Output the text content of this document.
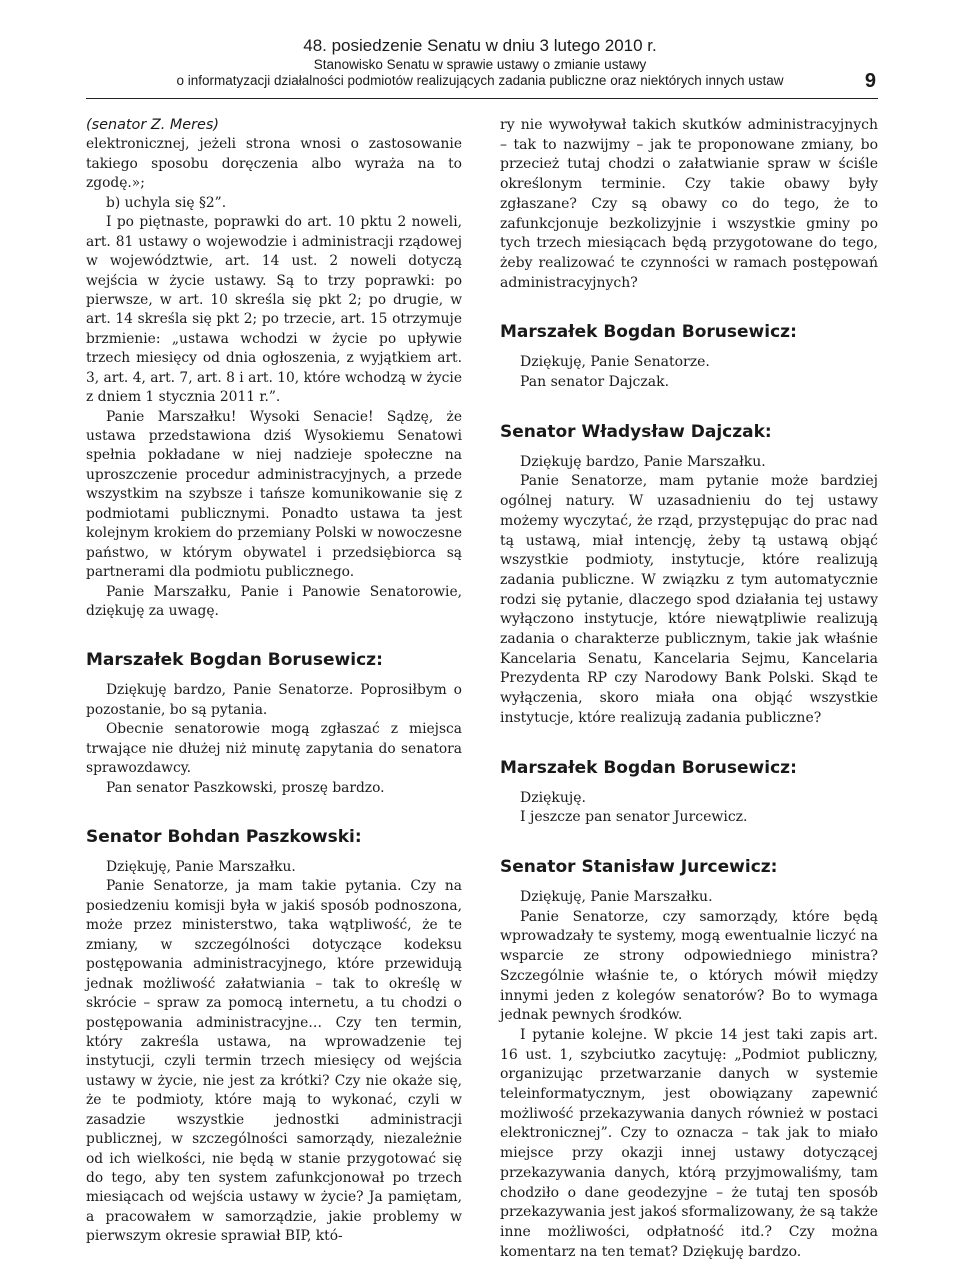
48. posiedzenie Senatu w dniu 3 lutego 2010 r.
Stanowisko Senatu w sprawie ustawy o zmianie ustawy
o informatyzacji działalności podmiotów realizujących zadania publiczne oraz niektórych innych ustaw	9

(senator Z. Meres)

elektronicznej, jeżeli strona wnosi o zastosowanie takiego sposobu doręczenia albo wyraża na to zgodę.»;

b) uchyla się §2”.

I po piętnaste, poprawki do art. 10 pktu 2 noweli, art. 81 ustawy o wojewodzie i administracji rządowej w województwie, art. 14 ust. 2 noweli dotyczą wejścia w życie ustawy. Są to trzy poprawki: po pierwsze, w art. 10 skreśla się pkt 2; po drugie, w art. 14 skreśla się pkt 2; po trzecie, art. 15 otrzymuje brzmienie: „ustawa wchodzi w życie po upływie trzech miesięcy od dnia ogłoszenia, z wyjątkiem art. 3, art. 4, art. 7, art. 8 i art. 10, które wchodzą w życie z dniem 1 stycznia 2011 r.”.

Panie Marszałku! Wysoki Senacie! Sądzę, że ustawa przedstawiona dziś Wysokiemu Senatowi spełnia pokładane w niej nadzieje społeczne na uproszczenie procedur administracyjnych, a przede wszystkim na szybsze i tańsze komunikowanie się z podmiotami publicznymi. Ponadto ustawa ta jest kolejnym krokiem do przemiany Polski w nowoczesne państwo, w którym obywatel i przedsiębiorca są partnerami dla podmiotu publicznego.

Panie Marszałku, Panie i Panowie Senatorowie, dziękuję za uwagę.

Marszałek Bogdan Borusewicz:

Dziękuję bardzo, Panie Senatorze. Poprosiłbym o pozostanie, bo są pytania.

Obecnie senatorowie mogą zgłaszać z miejsca trwające nie dłużej niż minutę zapytania do senatora sprawozdawcy.

Pan senator Paszkowski, proszę bardzo.

Senator Bohdan Paszkowski:

Dziękuję, Panie Marszałku.

Panie Senatorze, ja mam takie pytania. Czy na posiedzeniu komisji była w jakiś sposób podnoszona, może przez ministerstwo, taka wątpliwość, że te zmiany, w szczególności dotyczące kodeksu postępowania administracyjnego, które przewidują jednak możliwość załatwiania – tak to określę w skrócie – spraw za pomocą internetu, a tu chodzi o postępowania administracyjne… Czy ten termin, który zakreśla ustawa, na wprowadzenie tej instytucji, czyli termin trzech miesięcy od wejścia ustawy w życie, nie jest za krótki? Czy nie okaże się, że te podmioty, które mają to wykonać, czyli w zasadzie wszystkie jednostki administracji publicznej, w szczególności samorządy, niezależnie od ich wielkości, nie będą w stanie przygotować się do tego, aby ten system zafunkcjonował po trzech miesiącach od wejścia ustawy w życie? Ja pamiętam, a pracowałem w samorządzie, jakie problemy w pierwszym okresie sprawiał BIP, któ-

ry nie wywoływał takich skutków administracyjnych – tak to nazwijmy – jak te proponowane zmiany, bo przecież tutaj chodzi o załatwianie spraw w ściśle określonym terminie. Czy takie obawy były zgłaszane? Czy są obawy co do tego, że to zafunkcjonuje bezkolizyjnie i wszystkie gminy po tych trzech miesiącach będą przygotowane do tego, żeby realizować te czynności w ramach postępowań administracyjnych?

Marszałek Bogdan Borusewicz:

Dziękuję, Panie Senatorze.

Pan senator Dajczak.

Senator Władysław Dajczak:

Dziękuję bardzo, Panie Marszałku.

Panie Senatorze, mam pytanie może bardziej ogólnej natury. W uzasadnieniu do tej ustawy możemy wyczytać, że rząd, przystępując do prac nad tą ustawą, miał intencję, żeby tą ustawą objąć wszystkie podmioty, instytucje, które realizują zadania publiczne. W związku z tym automatycznie rodzi się pytanie, dlaczego spod działania tej ustawy wyłączono instytucje, które niewątpliwie realizują zadania o charakterze publicznym, takie jak właśnie Kancelaria Senatu, Kancelaria Sejmu, Kancelaria Prezydenta RP czy Narodowy Bank Polski. Skąd te wyłączenia, skoro miała ona objąć wszystkie instytucje, które realizują zadania publiczne?

Marszałek Bogdan Borusewicz:

Dziękuję.

I jeszcze pan senator Jurcewicz.

Senator Stanisław Jurcewicz:

Dziękuję, Panie Marszałku.

Panie Senatorze, czy samorządy, które będą wprowadzały te systemy, mogą ewentualnie liczyć na wsparcie ze strony odpowiedniego ministra? Szczególnie właśnie te, o których mówił między innymi jeden z kolegów senatorów? Bo to wymaga jednak pewnych środków.

I pytanie kolejne. W pkcie 14 jest taki zapis art. 16 ust. 1, szybciutko zacytuję: „Podmiot publiczny, organizując przetwarzanie danych w systemie teleinformatycznym, jest obowiązany zapewnić możliwość przekazywania danych również w postaci elektronicznej”. Czy to oznacza – tak jak to miało miejsce przy okazji innej ustawy dotyczącej przekazywania danych, którą przyjmowaliśmy, tam chodziło o dane geodezyjne – że tutaj ten sposób przekazywania jest jakoś sformalizowany, że są także inne możliwości, odpłatność itd.? Czy można komentarz na ten temat? Dziękuję bardzo.
